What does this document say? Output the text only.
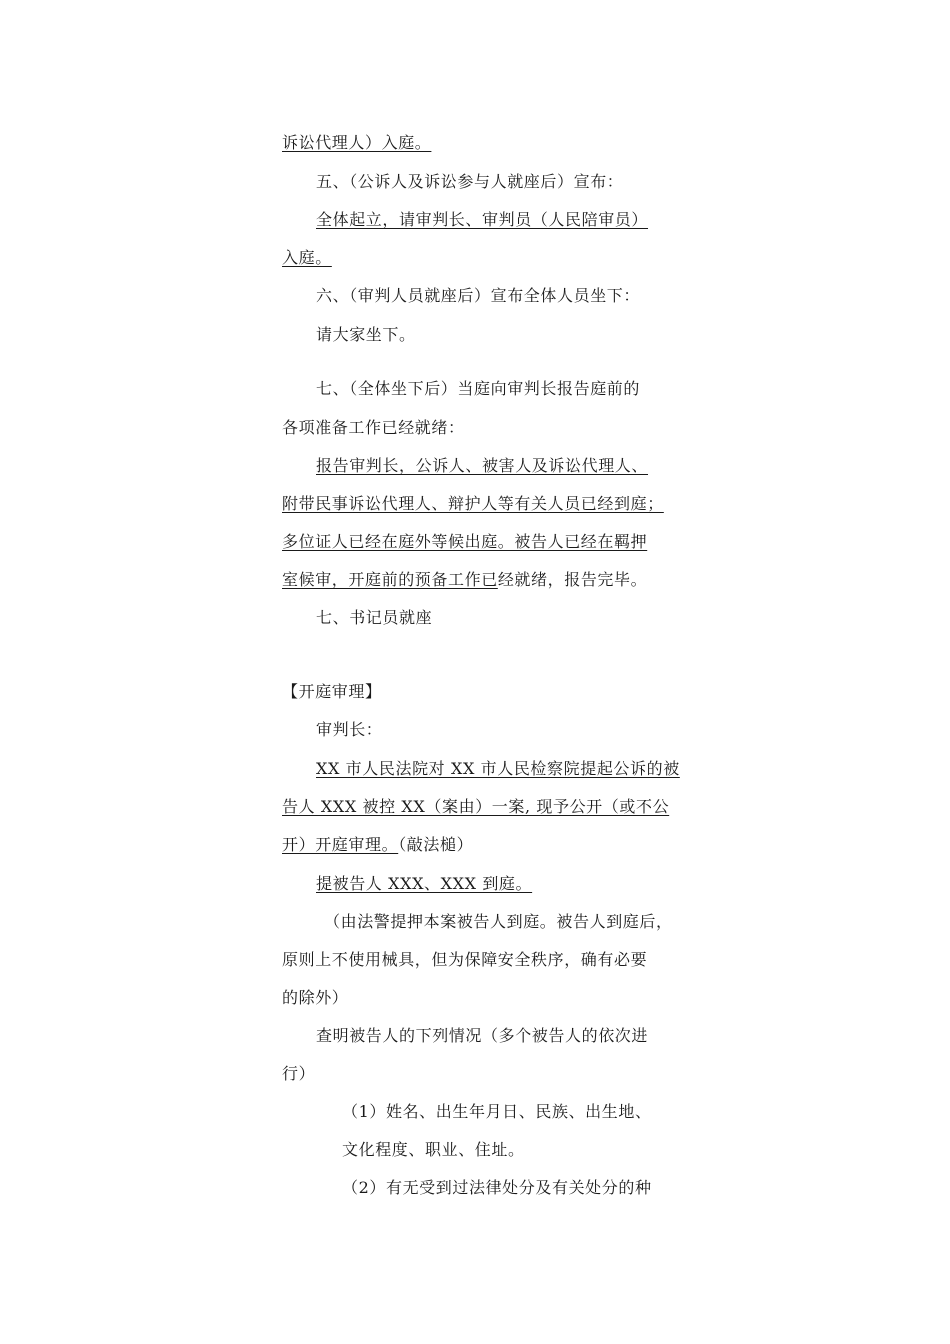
诉讼代理人）入庭。
五、（公诉人及诉讼参与人就座后）宣布：
全体起立，请审判长、审判员（人民陪审员）
入庭。
六、（审判人员就座后）宣布全体人员坐下：
请大家坐下。
七、（全体坐下后）当庭向审判长报告庭前的
各项准备工作已经就绪：
报告审判长，公诉人、被害人及诉讼代理人、
附带民事诉讼代理人、辩护人等有关人员已经到庭；
多位证人已经在庭外等候出庭。被告人已经在羁押
室候审，开庭前的预备工作已经就绪，报告完毕。
七、书记员就座
【开庭审理】
审判长：
XX 市人民法院对 XX 市人民检察院提起公诉的被
告人 XXX 被控 XX（案由）一案, 现予公开（或不公
开）开庭审理。（敲法槌）
提被告人 XXX、XXX 到庭。
（由法警提押本案被告人到庭。被告人到庭后，
原则上不使用械具，但为保障安全秩序，确有必要
的除外）
查明被告人的下列情况（多个被告人的依次进
行）
（1）姓名、出生年月日、民族、出生地、
文化程度、职业、住址。
（2）有无受到过法律处分及有关处分的种
